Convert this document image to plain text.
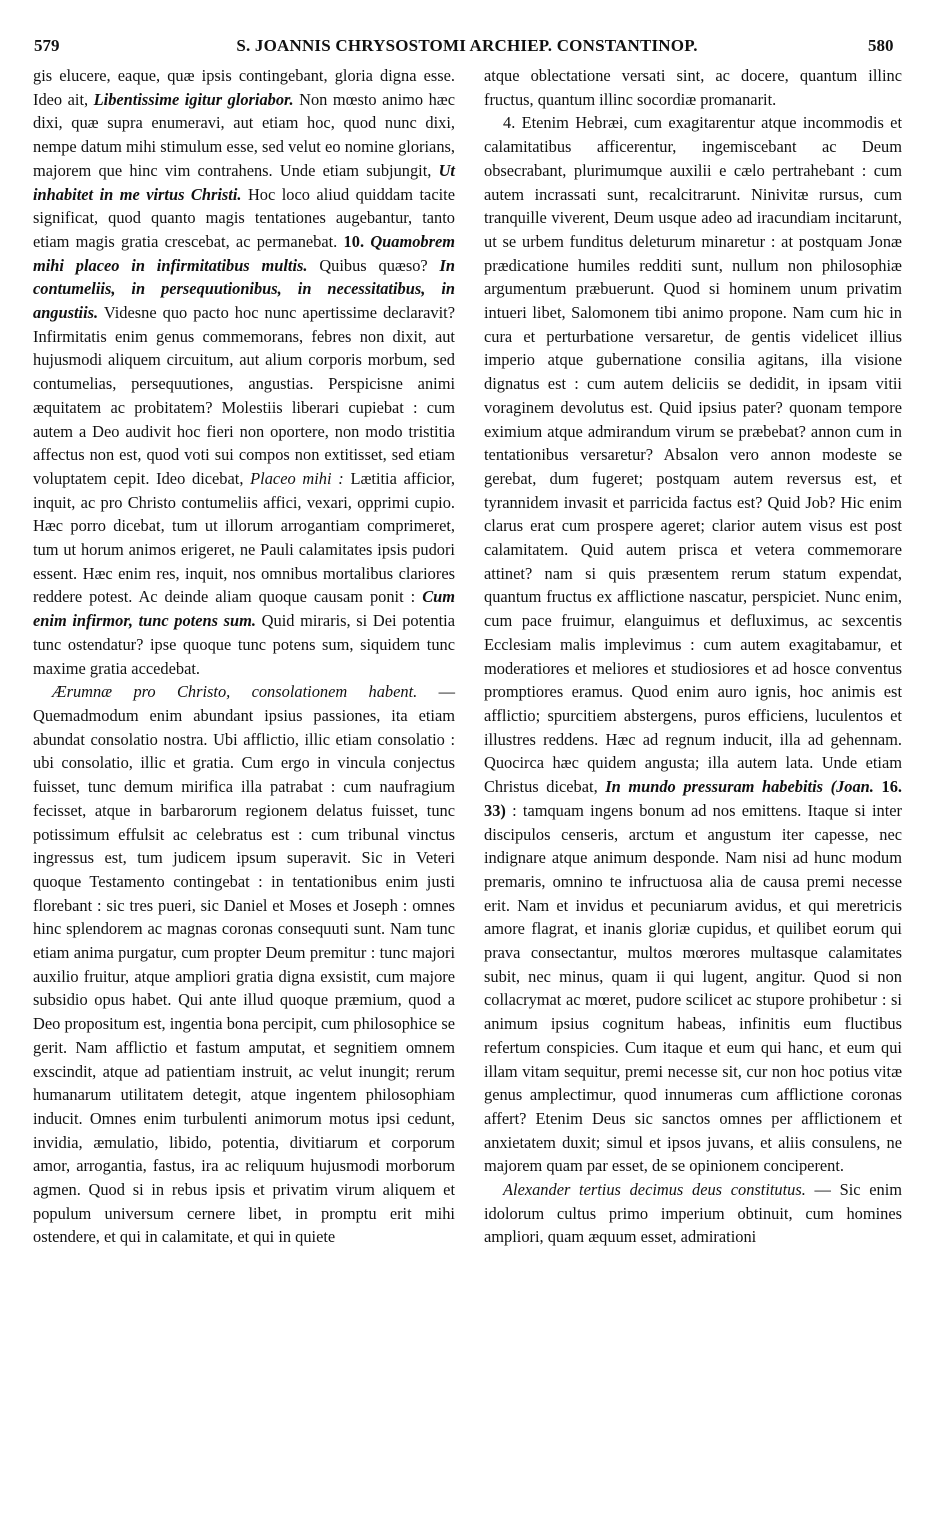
579	S. JOANNIS CHRYSOSTOMI ARCHIEP. CONSTANTINOP.	580

gis elucere, eaque, quæ ipsis contingebant, gloria digna esse. Ideo ait, Libentissime igitur gloriabor. Non mœsto animo hæc dixi, quæ supra enumeravi, aut etiam hoc, quod nunc dixi, nempe datum mihi stimulum esse, sed velut eo nomine glorians, majorem que hinc vim contrahens. Unde etiam subjungit, Ut inhabitet in me virtus Christi. Hoc loco aliud quiddam tacite significat, quod quanto magis tentationes augebantur, tanto etiam magis gratia crescebat, ac permanebat. 10. Quamobrem mihi placeo in infirmitatibus multis. Quibus quæso? In contumeliis, in persequutionibus, in necessitatibus, in angustiis. Videsne quo pacto hoc nunc apertissime declaravit? Infirmitatis enim genus commemorans, febres non dixit, aut hujusmodi aliquem circuitum, aut alium corporis morbum, sed contumelias, persequutiones, angustias. Perspicisne animi æquitatem ac probitatem? Molestiis liberari cupiebat : cum autem a Deo audivit hoc fieri non oportere, non modo tristitia affectus non est, quod voti sui compos non extitisset, sed etiam voluptatem cepit. Ideo dicebat, Placeo mihi : Lætitia afficior, inquit, ac pro Christo contumeliis affici, vexari, opprimi cupio. Hæc porro dicebat, tum ut illorum arrogantiam comprimeret, tum ut horum animos erigeret, ne Pauli calamitates ipsis pudori essent. Hæc enim res, inquit, nos omnibus mortalibus clariores reddere potest. Ac deinde aliam quoque causam ponit : Cum enim infirmor, tunc potens sum. Quid miraris, si Dei potentia tunc ostendatur? ipse quoque tunc potens sum, siquidem tunc maxime gratia accedebat.

Ærumnæ pro Christo, consolationem habent. — Quemadmodum enim abundant ipsius passiones, ita etiam abundat consolatio nostra. Ubi afflictio, illic etiam consolatio : ubi consolatio, illic et gratia. Cum ergo in vincula conjectus fuisset, tunc demum mirifica illa patrabat : cum naufragium fecisset, atque in barbarorum regionem delatus fuisset, tunc potissimum effulsit ac celebratus est : cum tribunal vinctus ingressus est, tum judicem ipsum superavit. Sic in Veteri quoque Testamento contingebat : in tentationibus enim justi florebant : sic tres pueri, sic Daniel et Moses et Joseph : omnes hinc splendorem ac magnas coronas consequuti sunt. Nam tunc etiam anima purgatur, cum propter Deum premitur : tunc majori auxilio fruitur, atque ampliori gratia digna exsistit, cum majore subsidio opus habet. Qui ante illud quoque præmium, quod a Deo propositum est, ingentia bona percipit, cum philosophice se gerit. Nam afflictio et fastum amputat, et segnitiem omnem exscindit, atque ad patientiam instruit, ac velut inungit; rerum humanarum utilitatem detegit, atque ingentem philosophiam inducit. Omnes enim turbulenti animorum motus ipsi cedunt, invidia, æmulatio, libido, potentia, divitiarum et corporum amor, arrogantia, fastus, ira ac reliquum hujusmodi morborum agmen. Quod si in rebus ipsis et privatim virum aliquem et populum universum cernere libet, in promptu erit mihi ostendere, et qui in calamitate, et qui in quiete

atque oblectatione versati sint, ac docere, quantum illinc fructus, quantum illinc socordiæ promanarit.

4. Etenim Hebræi, cum exagitarentur atque incommodis et calamitatibus afficerentur, ingemiscebant ac Deum obsecrabant, plurimumque auxilii e cælo pertrahebant : cum autem incrassati sunt, recalcitrarunt. Ninivitæ rursus, cum tranquille viverent, Deum usque adeo ad iracundiam incitarunt, ut se urbem funditus deleturum minaretur : at postquam Jonæ prædicatione humiles redditi sunt, nullum non philosophiæ argumentum præbuerunt. Quod si hominem unum privatim intueri libet, Salomonem tibi animo propone. Nam cum hic in cura et perturbatione versaretur, de gentis videlicet illius imperio atque gubernatione consilia agitans, illa visione dignatus est : cum autem deliciis se dedidit, in ipsam vitii voraginem devolutus est. Quid ipsius pater? quonam tempore eximium atque admirandum virum se præbebat? annon cum in tentationibus versaretur? Absalon vero annon modeste se gerebat, dum fugeret; postquam autem reversus est, et tyrannidem invasit et parricida factus est? Quid Job? Hic enim clarus erat cum prospere ageret; clarior autem visus est post calamitatem. Quid autem prisca et vetera commemorare attinet? nam si quis præsentem rerum statum expendat, quantum fructus ex afflictione nascatur, perspiciet. Nunc enim, cum pace fruimur, elanguimus et defluximus, ac sexcentis Ecclesiam malis implevimus : cum autem exagitabamur, et moderatiores et meliores et studiosiores et ad hosce conventus promptiores eramus. Quod enim auro ignis, hoc animis est afflictio; spurcitiem abstergens, puros efficiens, luculentos et illustres reddens. Hæc ad regnum inducit, illa ad gehennam. Quocirca hæc quidem angusta; illa autem lata. Unde etiam Christus dicebat, In mundo pressuram habebitis (Joan. 16. 33) : tamquam ingens bonum ad nos emittens. Itaque si inter discipulos censeris, arctum et angustum iter capesse, nec indignare atque animum desponde. Nam nisi ad hunc modum premaris, omnino te infructuosa alia de causa premi necesse erit. Nam et invidus et pecuniarum avidus, et qui meretricis amore flagrat, et inanis gloriæ cupidus, et quilibet eorum qui prava consectantur, multos mœrores multasque calamitates subit, nec minus, quam ii qui lugent, angitur. Quod si non collacrymat ac mœret, pudore scilicet ac stupore prohibetur : si animum ipsius cognitum habeas, infinitis eum fluctibus refertum conspicies. Cum itaque et eum qui hanc, et eum qui illam vitam sequitur, premi necesse sit, cur non hoc potius vitæ genus amplectimur, quod innumeras cum afflictione coronas affert? Etenim Deus sic sanctos omnes per afflictionem et anxietatem duxit; simul et ipsos juvans, et aliis consulens, ne majorem quam par esset, de se opinionem conciperent.

Alexander tertius decimus deus constitutus. — Sic enim idolorum cultus primo imperium obtinuit, cum homines ampliori, quam æquum esset, admirationi
